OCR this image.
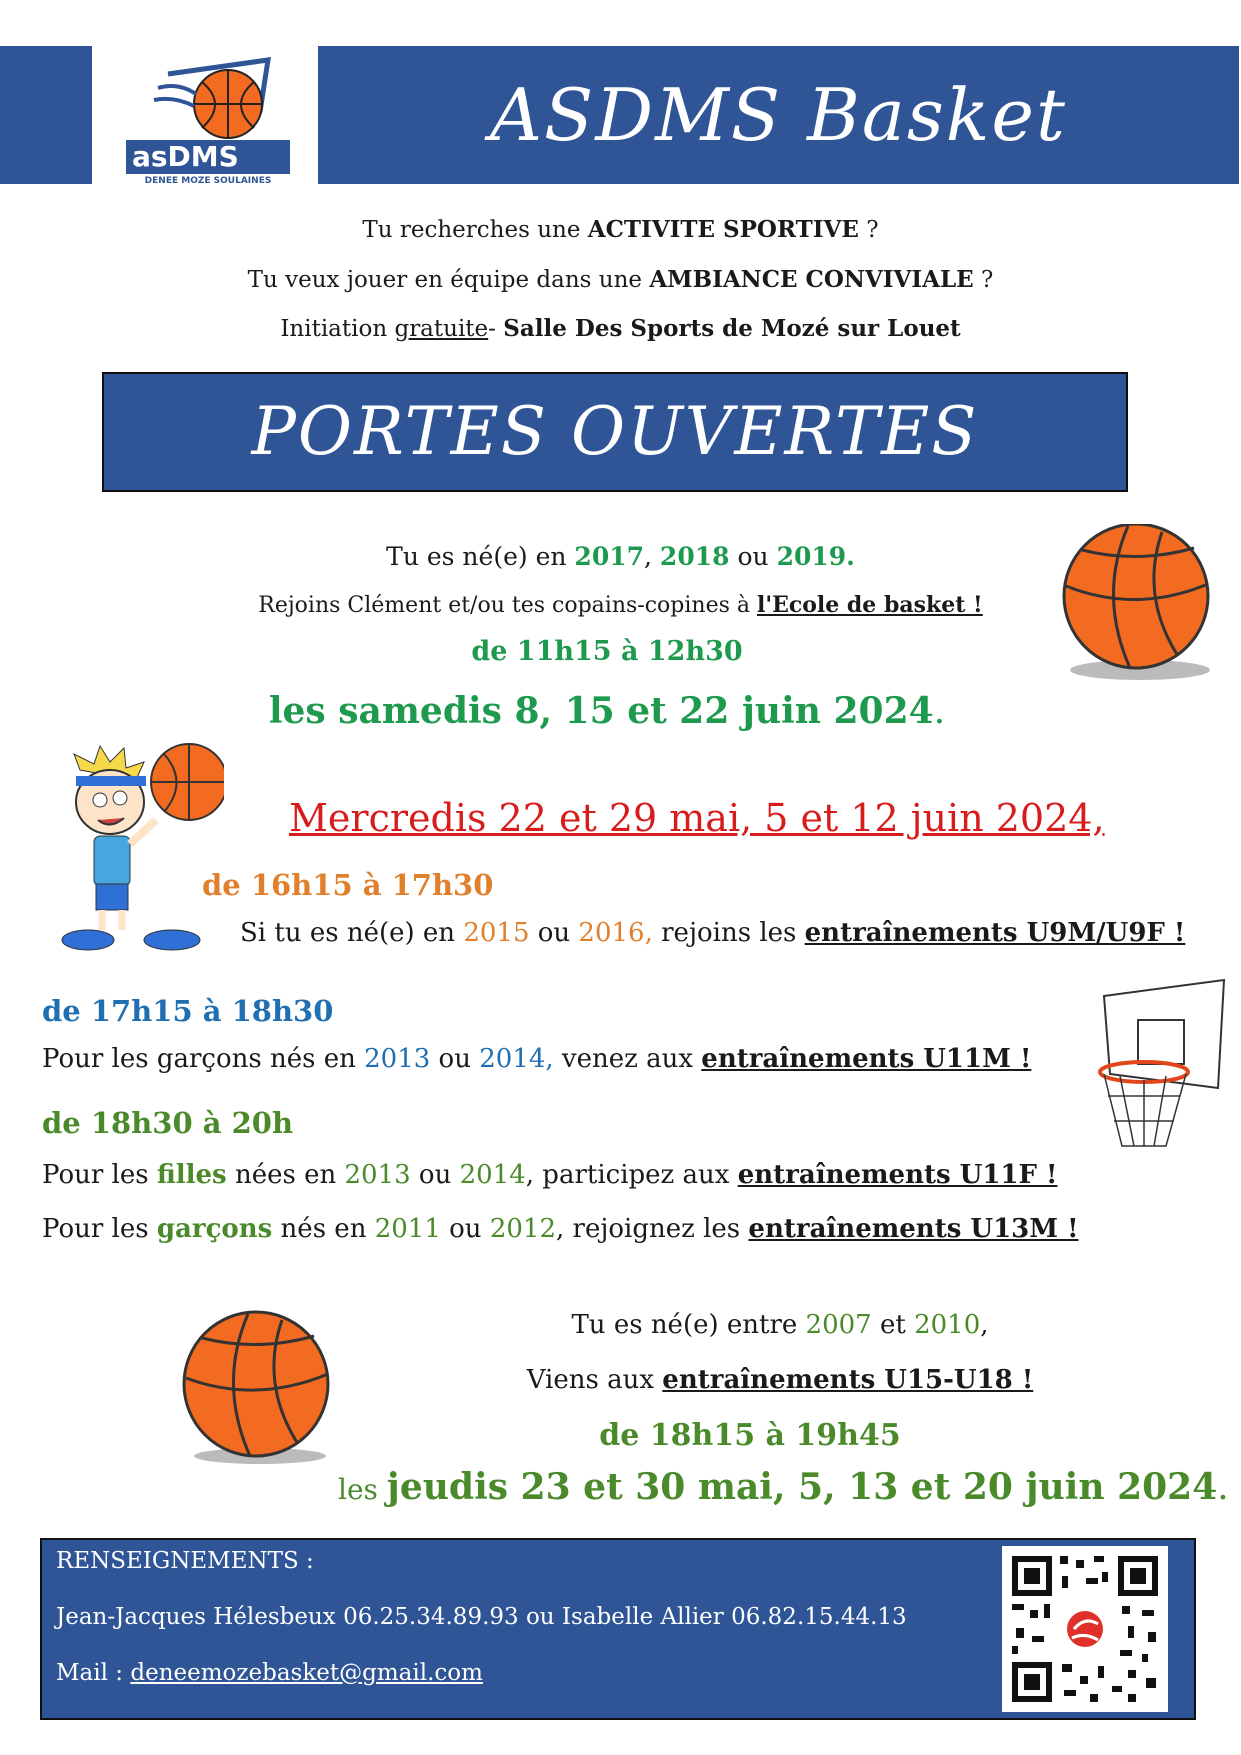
asDMS
DENEE MOZE SOULAINES
ASDMS Basket
Tu recherches une ACTIVITE SPORTIVE ?
Tu veux jouer en équipe dans une AMBIANCE CONVIVIALE ?
Initiation gratuite- Salle Des Sports de Mozé sur Louet
PORTES OUVERTES
Tu es né(e) en 2017, 2018 ou 2019.
Rejoins Clément et/ou tes copains-copines à l'Ecole de basket !
de 11h15 à 12h30
les samedis 8, 15 et 22 juin 2024.
Mercredis 22 et 29 mai, 5 et 12 juin 2024,
de 16h15 à 17h30
Si tu es né(e) en 2015 ou 2016, rejoins les entraînements U9M/U9F !
de 17h15 à 18h30
Pour les garçons nés en 2013 ou 2014, venez aux entraînements U11M !
de 18h30 à 20h
Pour les filles nées en 2013 ou 2014, participez aux entraînements U11F !
Pour les garçons nés en 2011 ou 2012, rejoignez les entraînements U13M !
Tu es né(e) entre 2007 et 2010,
Viens aux entraînements U15-U18 !
de 18h15 à 19h45
les jeudis 23 et 30 mai, 5, 13 et 20 juin 2024.
RENSEIGNEMENTS :
Jean-Jacques Hélesbeux 06.25.34.89.93 ou Isabelle Allier 06.82.15.44.13
Mail : deneemozebasket@gmail.com
